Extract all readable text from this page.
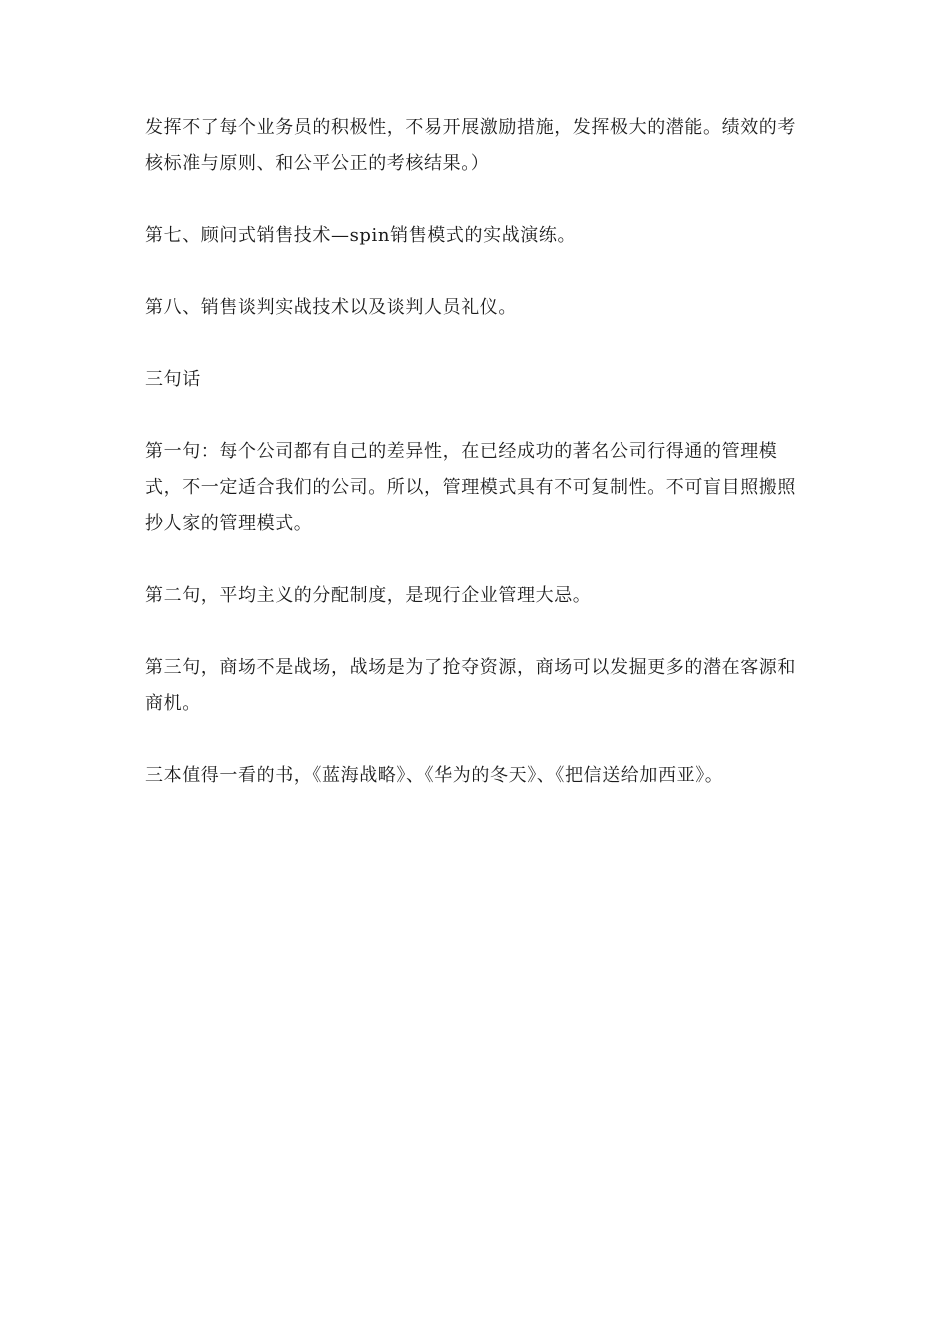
发挥不了每个业务员的积极性，不易开展激励措施，发挥极大的潜能。绩效的考核标准与原则、和公平公正的考核结果。）

第七、顾问式销售技术—spin销售模式的实战演练。

第八、销售谈判实战技术以及谈判人员礼仪。

三句话

第一句：每个公司都有自己的差异性，在已经成功的著名公司行得通的管理模式，不一定适合我们的公司。所以，管理模式具有不可复制性。不可盲目照搬照抄人家的管理模式。

第二句，平均主义的分配制度，是现行企业管理大忌。

第三句，商场不是战场，战场是为了抢夺资源，商场可以发掘更多的潜在客源和商机。

三本值得一看的书，《蓝海战略》、《华为的冬天》、《把信送给加西亚》。
